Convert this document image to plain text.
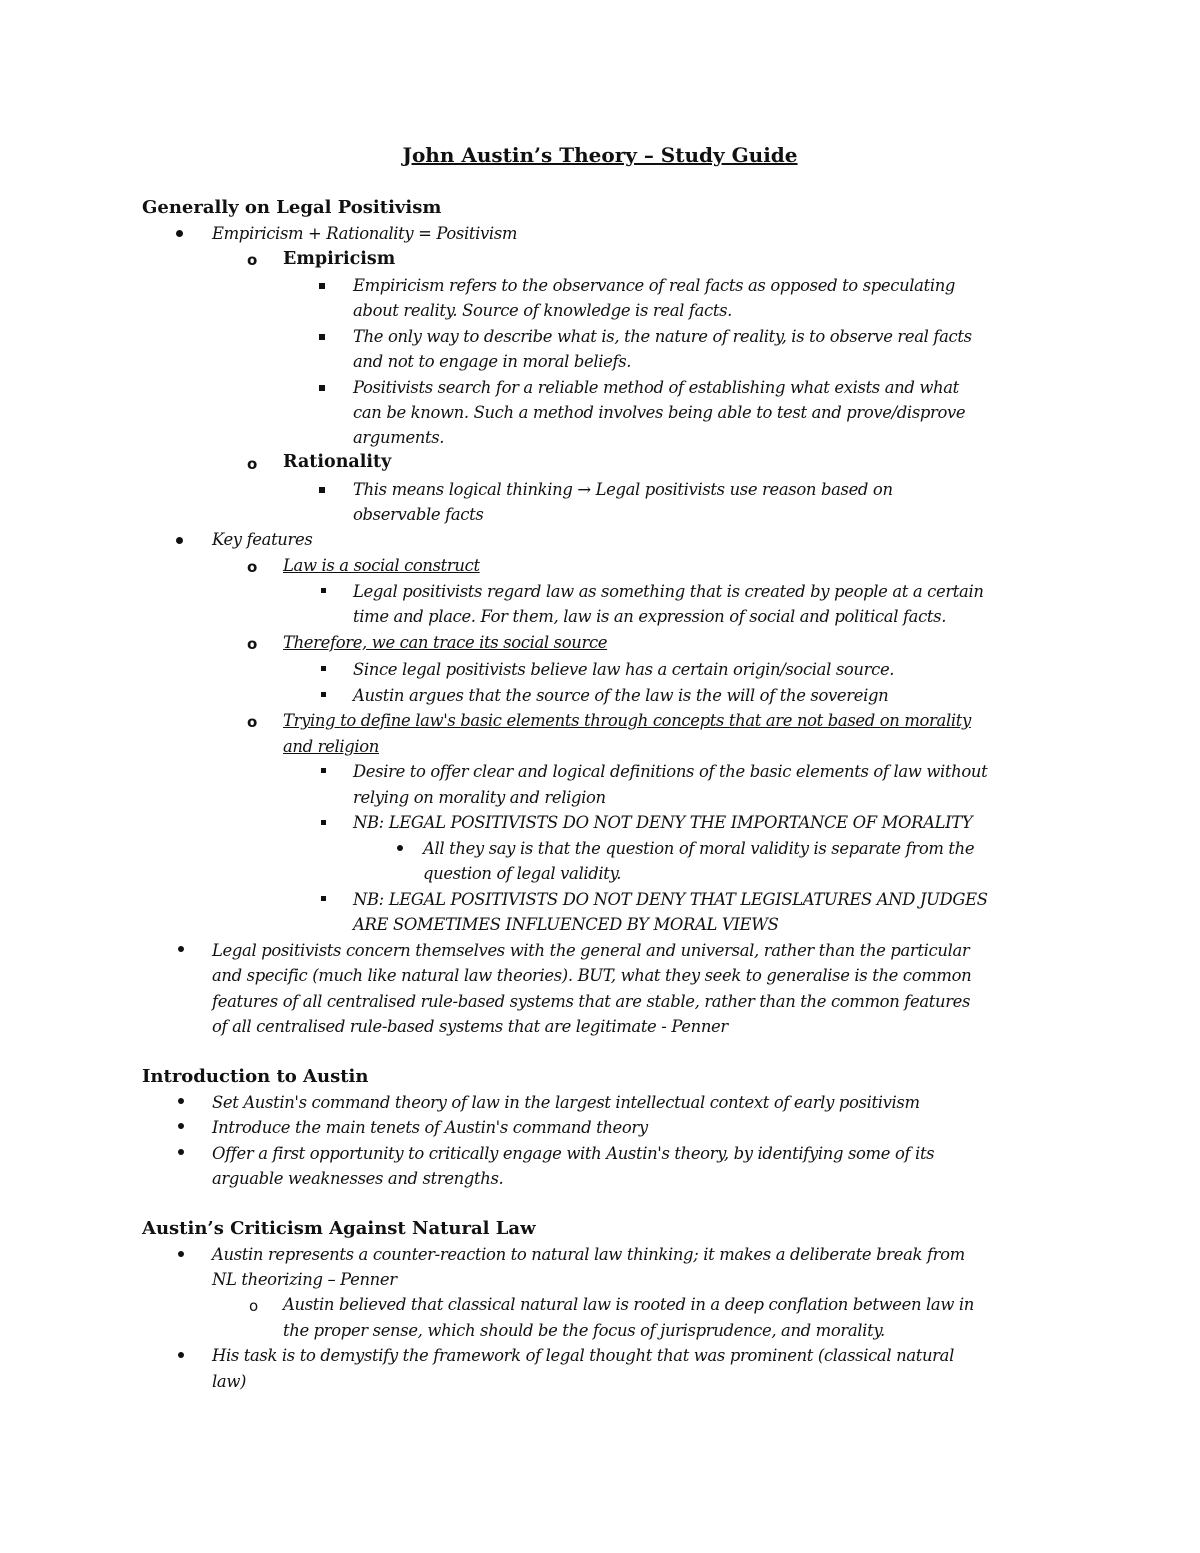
John Austin’s Theory – Study Guide
Generally on Legal Positivism
Empiricism + Rationality = Positivism
o Empiricism
Empiricism refers to the observance of real facts as opposed to speculating
about reality. Source of knowledge is real facts.
The only way to describe what is, the nature of reality, is to observe real facts
and not to engage in moral beliefs.
Positivists search for a reliable method of establishing what exists and what
can be known. Such a method involves being able to test and prove/disprove
arguments.
o Rationality
This means logical thinking → Legal positivists use reason based on
observable facts
Key features
o Law is a social construct
Legal positivists regard law as something that is created by people at a certain
time and place. For them, law is an expression of social and political facts.
o Therefore, we can trace its social source
Since legal positivists believe law has a certain origin/social source.
Austin argues that the source of the law is the will of the sovereign
o Trying to define law's basic elements through concepts that are not based on morality
and religion
Desire to offer clear and logical definitions of the basic elements of law without
relying on morality and religion
NB: LEGAL POSITIVISTS DO NOT DENY THE IMPORTANCE OF MORALITY
All they say is that the question of moral validity is separate from the
question of legal validity.
NB: LEGAL POSITIVISTS DO NOT DENY THAT LEGISLATURES AND JUDGES
ARE SOMETIMES INFLUENCED BY MORAL VIEWS
Legal positivists concern themselves with the general and universal, rather than the particular
and specific (much like natural law theories). BUT, what they seek to generalise is the common
features of all centralised rule-based systems that are stable, rather than the common features
of all centralised rule-based systems that are legitimate - Penner
Introduction to Austin
Set Austin's command theory of law in the largest intellectual context of early positivism
Introduce the main tenets of Austin's command theory
Offer a first opportunity to critically engage with Austin's theory, by identifying some of its
arguable weaknesses and strengths.
Austin’s Criticism Against Natural Law
Austin represents a counter-reaction to natural law thinking; it makes a deliberate break from
NL theorizing – Penner
o Austin believed that classical natural law is rooted in a deep conflation between law in
the proper sense, which should be the focus of jurisprudence, and morality.
His task is to demystify the framework of legal thought that was prominent (classical natural
law)
